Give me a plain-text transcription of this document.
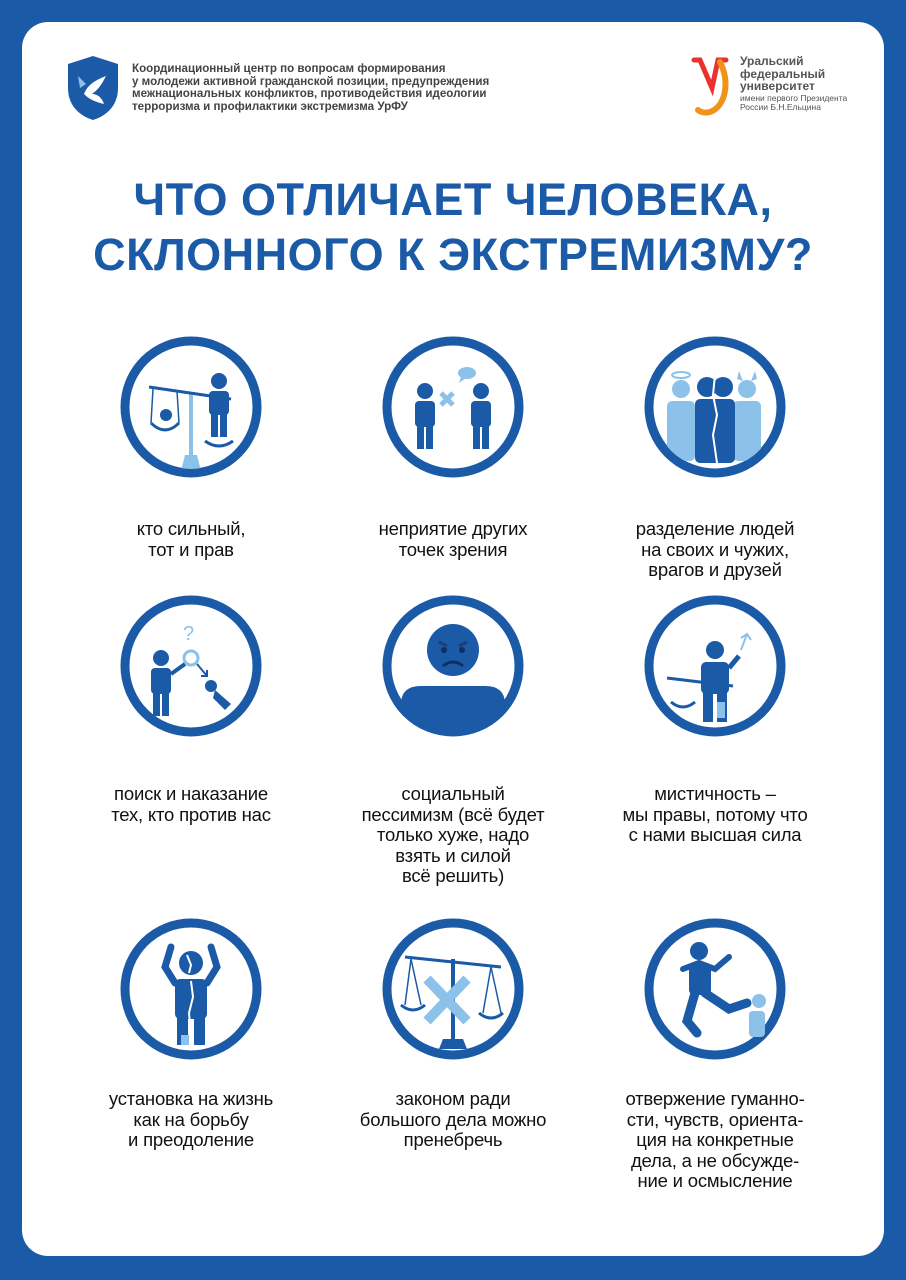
Координационный центр по вопросам формирования
у молодежи активной гражданской позиции, предупреждения
межнациональных конфликтов, противодействия идеологии
терроризма и профилактики экстремизма УрФУ
Уральский
федеральный
университет
имени первого Президента
России Б.Н.Ельцина
ЧТО ОТЛИЧАЕТ ЧЕЛОВЕКА,
СКЛОННОГО К ЭКСТРЕМИЗМУ?
кто сильный,
тот и прав
неприятие других
точек зрения
разделение людей
на своих и чужих,
врагов и друзей
?
поиск и наказание
тех, кто против нас
социальный
пессимизм (всё будет
только хуже, надо
взять и силой
всё решить)
мистичность –
мы правы, потому что
с нами высшая сила
установка на жизнь
как на борьбу
и преодоление
законом ради
большого дела можно
пренебречь
отвержение гуманно-
сти, чувств, ориента-
ция на конкретные
дела, а не обсужде-
ние и осмысление
